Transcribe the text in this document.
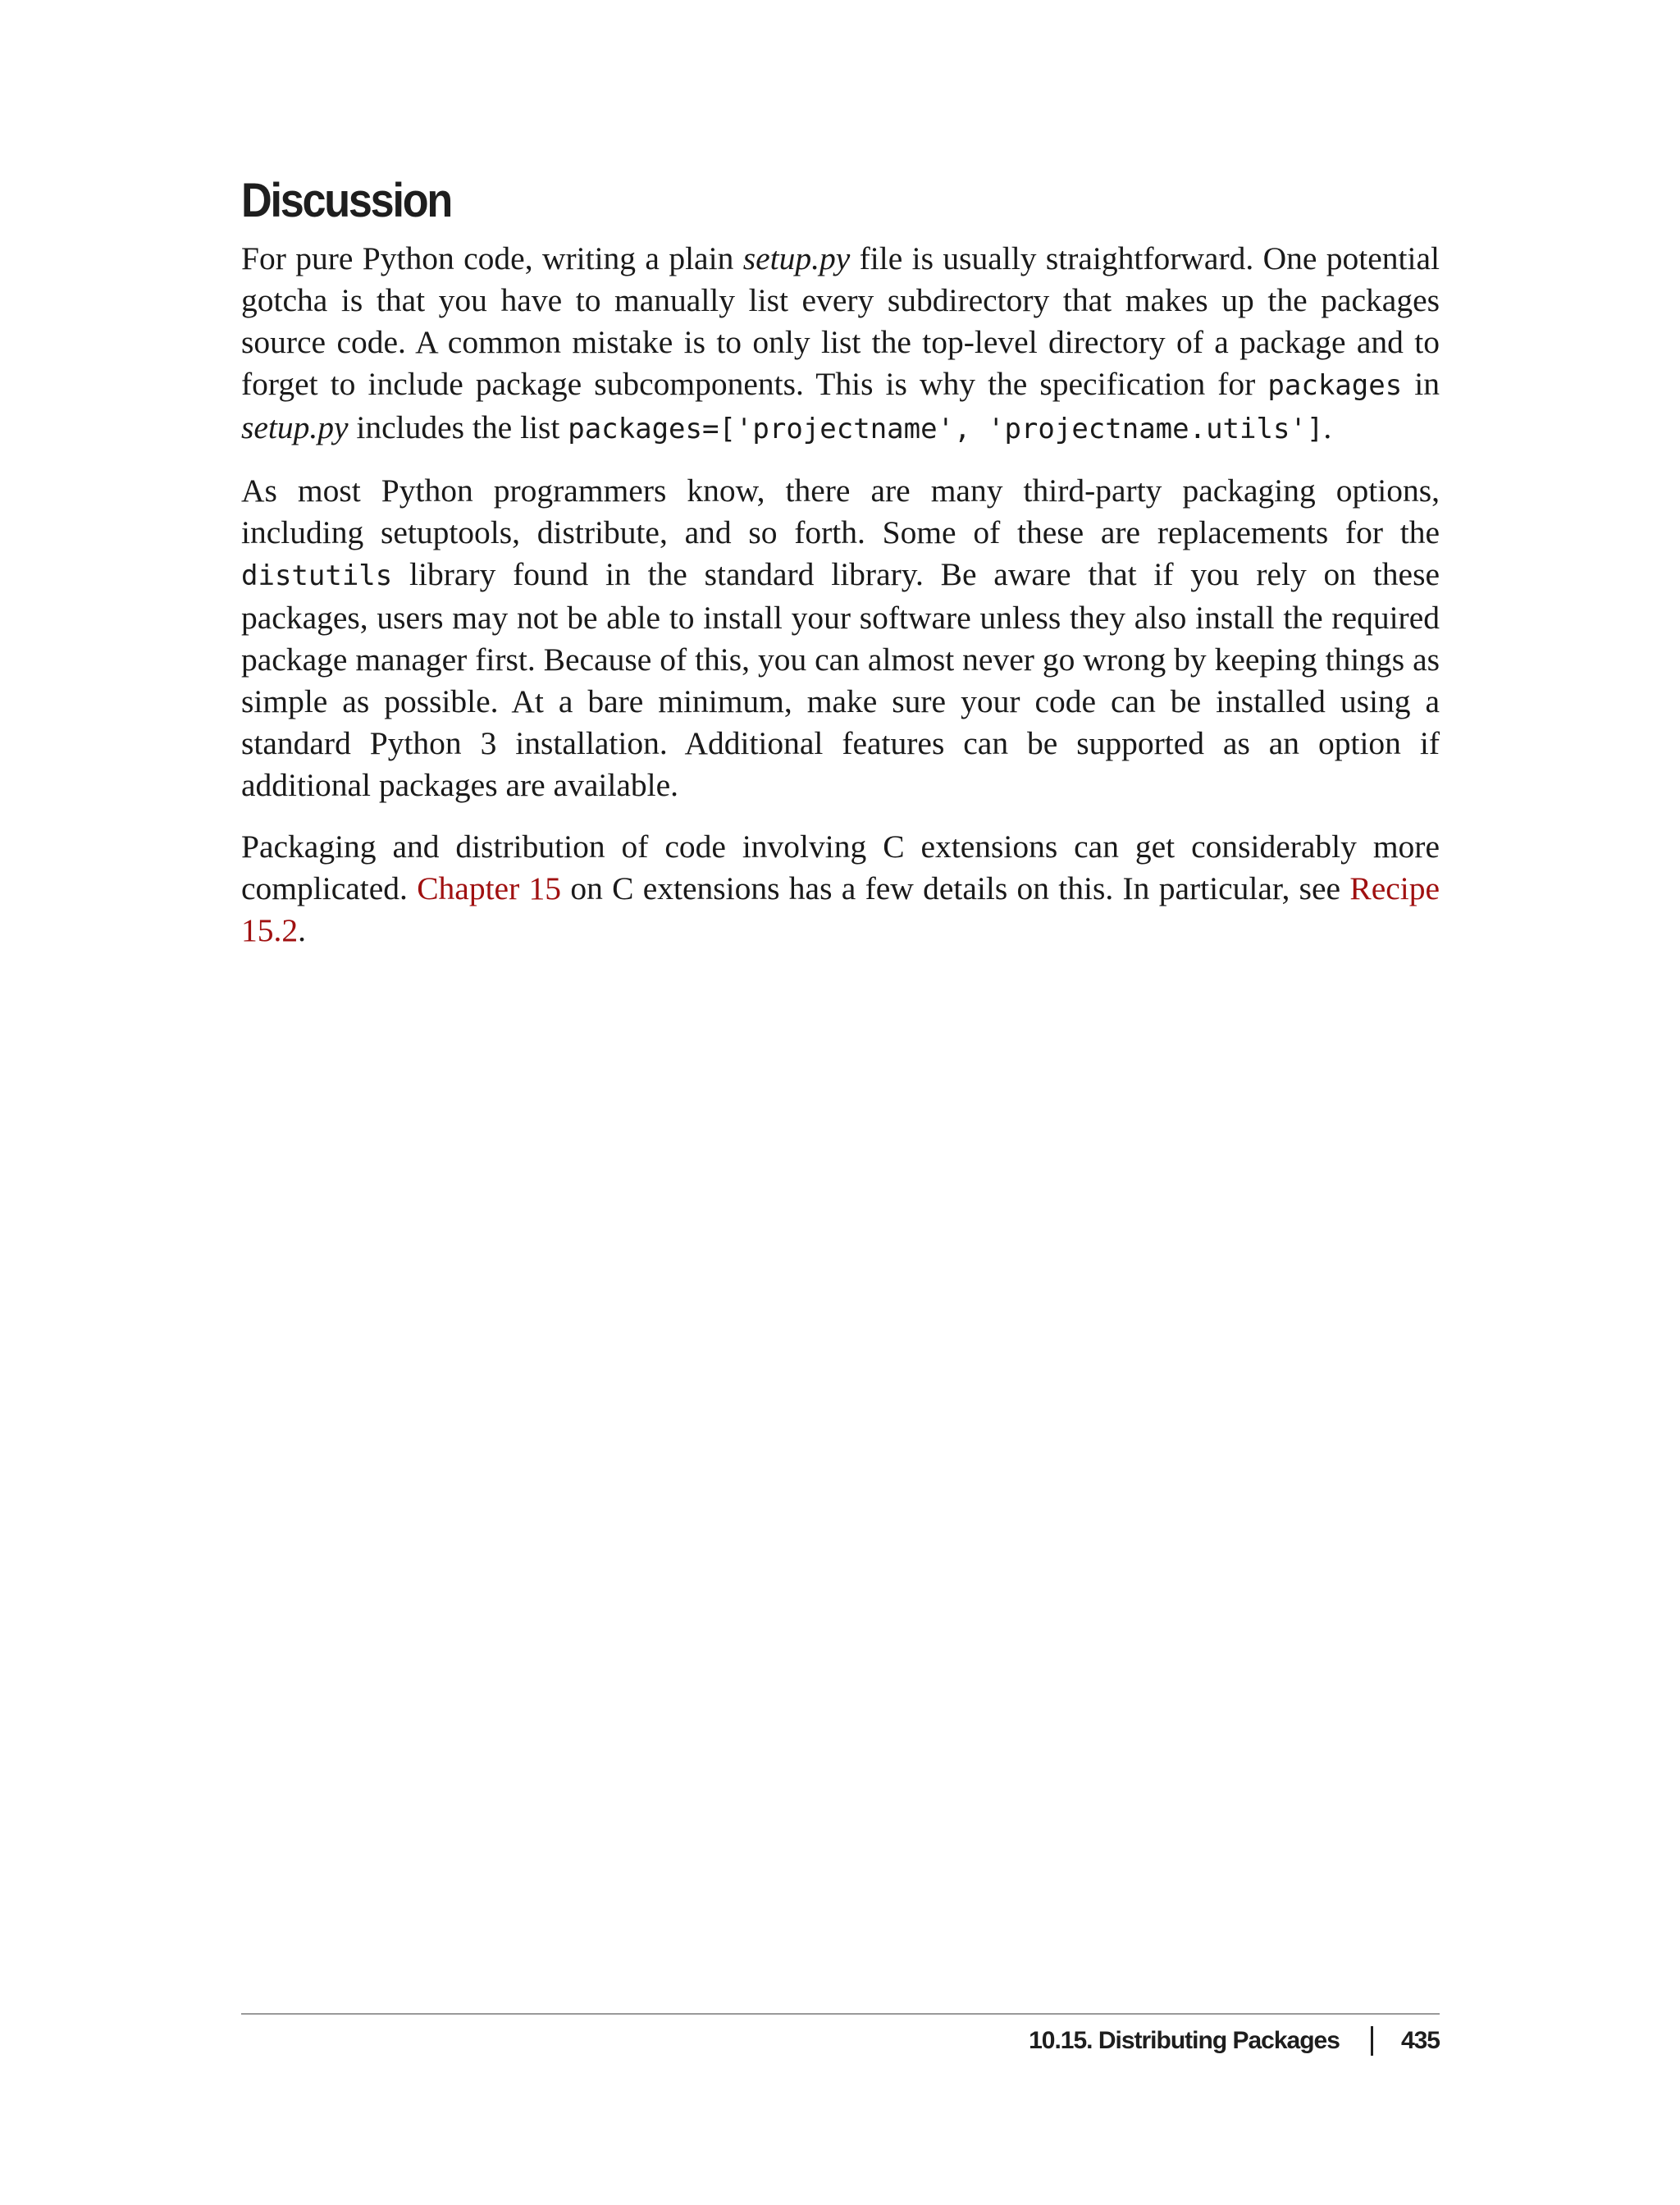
Discussion

For pure Python code, writing a plain setup.py file is usually straightforward. One potential gotcha is that you have to manually list every subdirectory that makes up the packages source code. A common mistake is to only list the top-level directory of a package and to forget to include package subcomponents. This is why the specification for packages in setup.py includes the list packages=['projectname', 'projectname.utils'].

As most Python programmers know, there are many third-party packaging options, including setuptools, distribute, and so forth. Some of these are replacements for the distutils library found in the standard library. Be aware that if you rely on these packages, users may not be able to install your software unless they also install the required package manager first. Because of this, you can almost never go wrong by keeping things as simple as possible. At a bare minimum, make sure your code can be installed using a standard Python 3 installation. Additional features can be supported as an option if additional packages are available.

Packaging and distribution of code involving C extensions can get considerably more complicated. Chapter 15 on C extensions has a few details on this. In particular, see Recipe 15.2.

10.15. Distributing Packages	435
